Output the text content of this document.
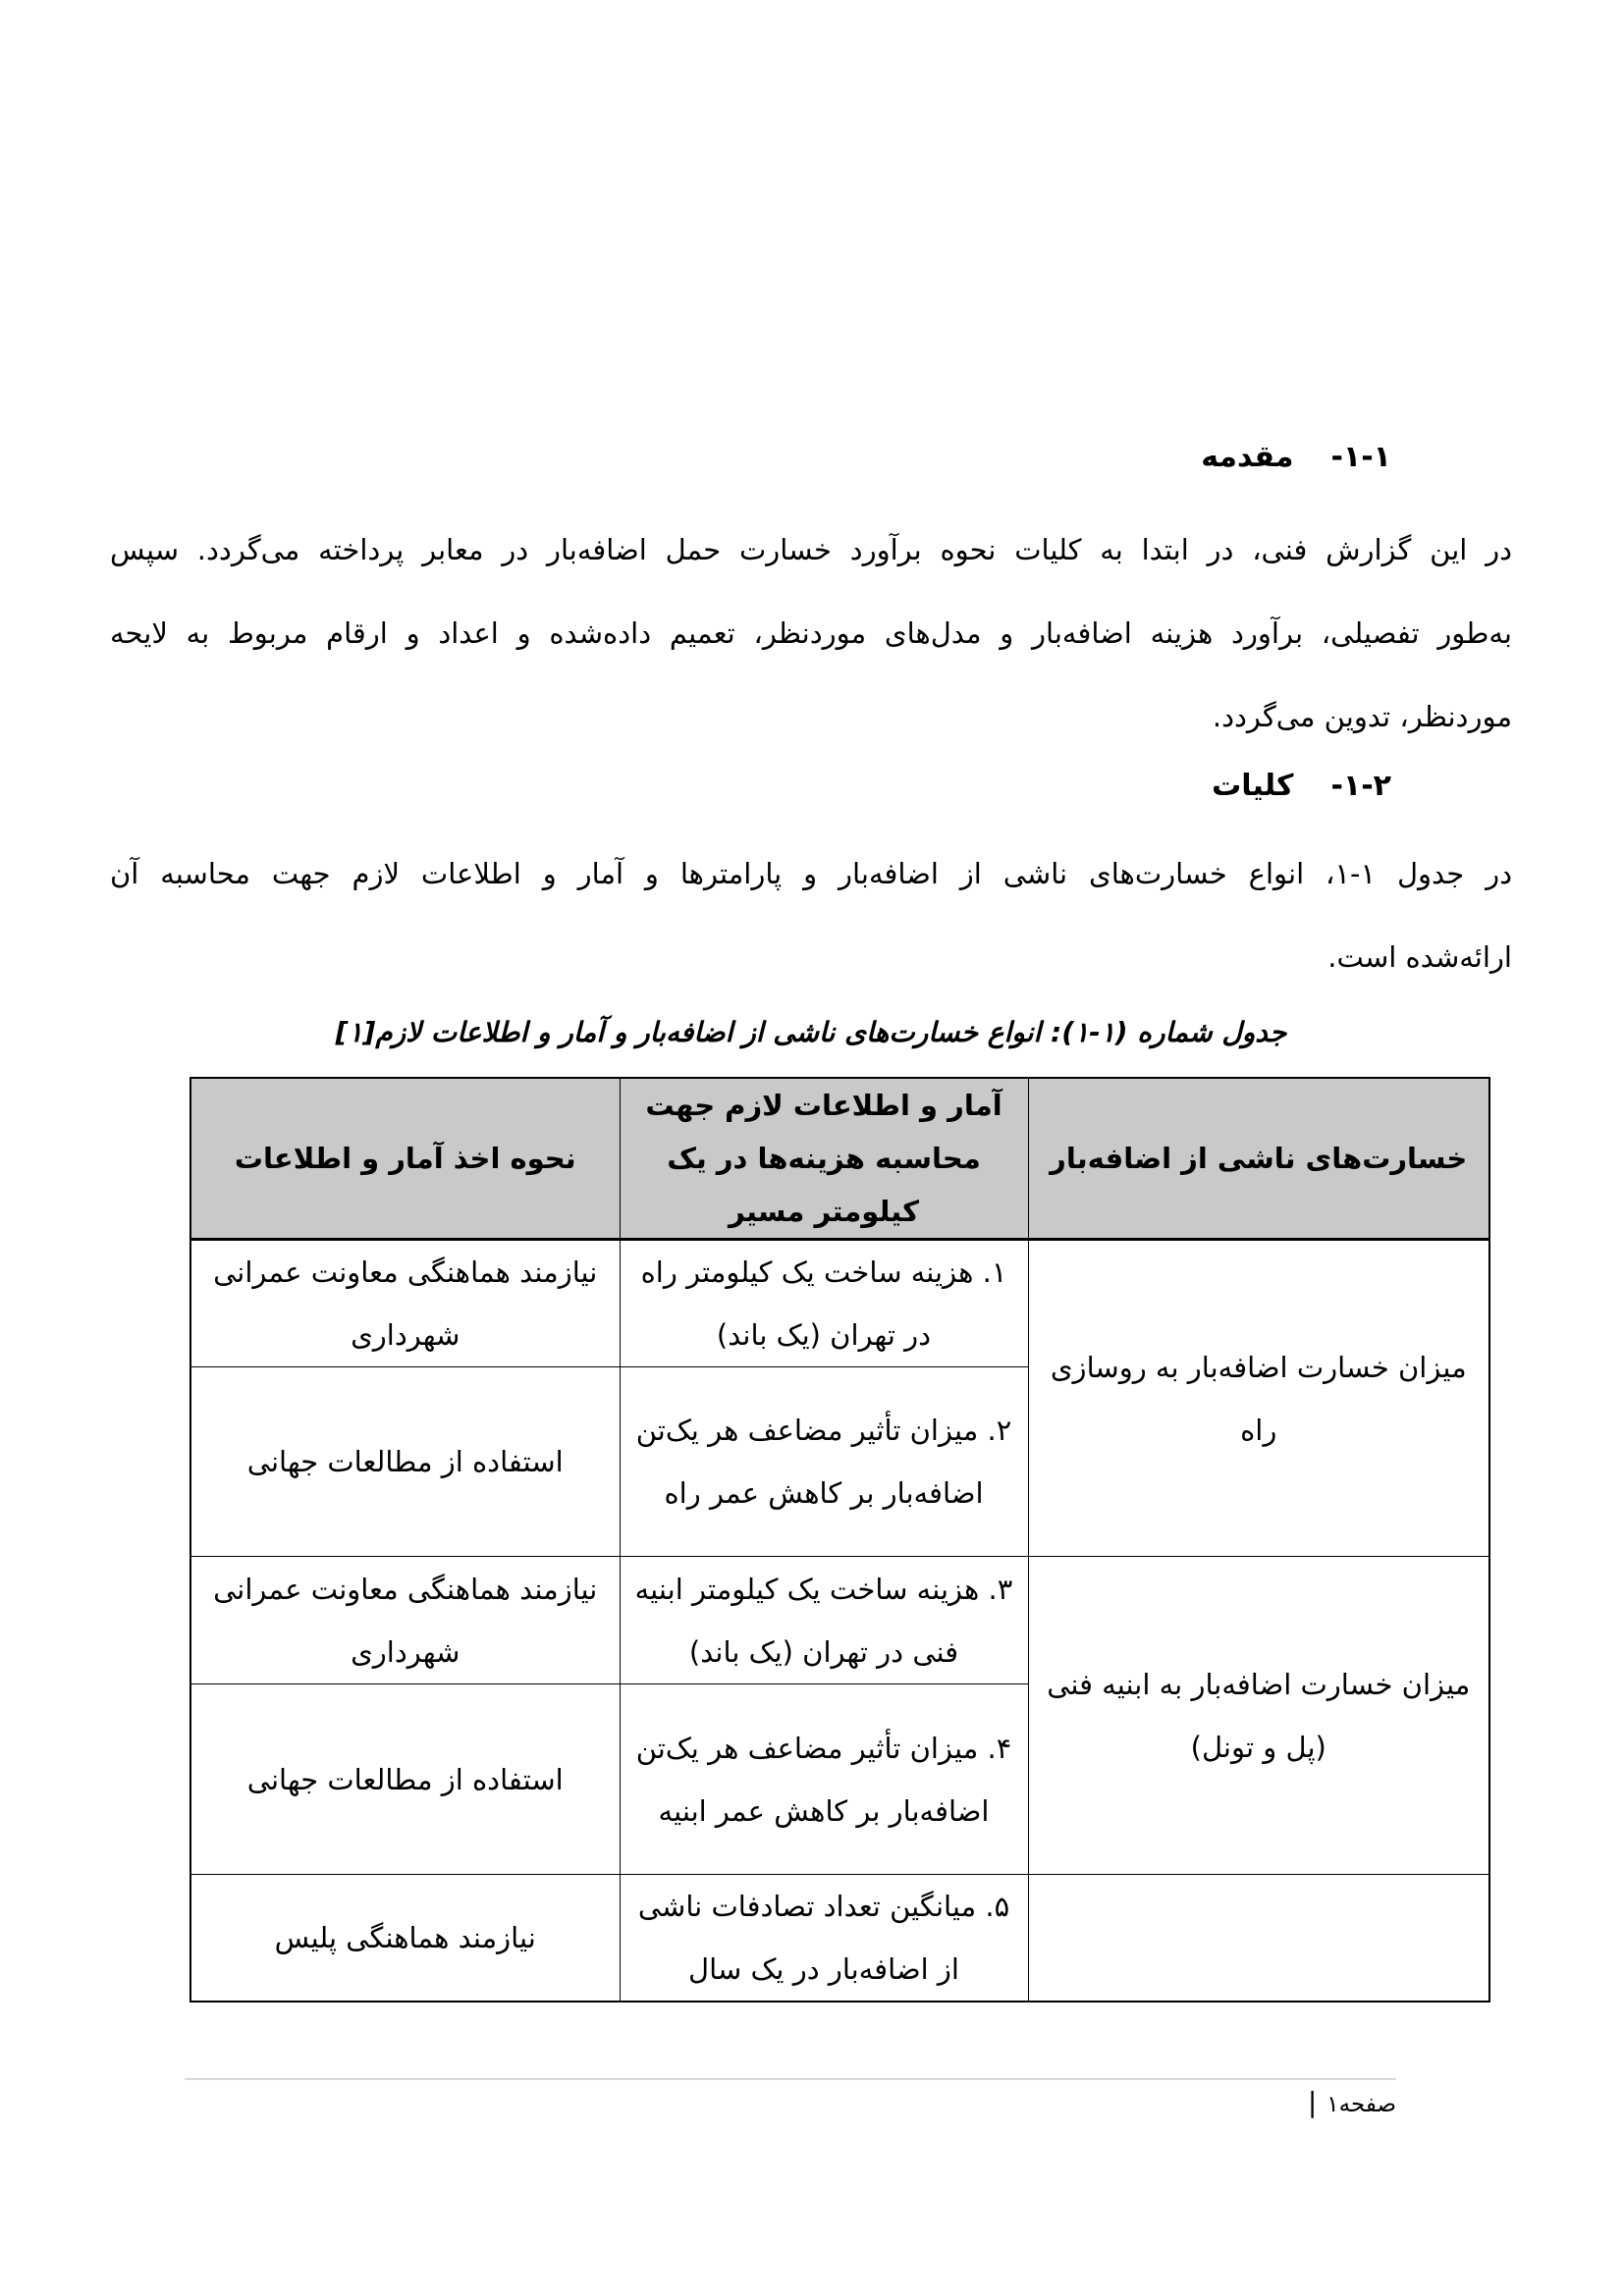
۱-۱-
مقدمه
در این گزارش فنی، در ابتدا به کلیات نحوه برآورد خسارت حمل اضافه‌بار در معابر پرداخته می‌گردد. سپس
به‌طور تفصیلی، برآورد هزینه اضافه‌بار و مدل‌های موردنظر، تعمیم داده‌شده و اعداد و ارقام مربوط به لایحه
موردنظر، تدوین می‌گردد.
۱-۲-
کلیات
در جدول ۱-۱، انواع خسارت‌های ناشی از اضافه‌بار و پارامترها و آمار و اطلاعات لازم جهت محاسبه آن
ارائه‌شده است.
جدول شماره (۱-۱): انواع خسارت‌های ناشی از اضافه‌بار و آمار و اطلاعات لازم[۱]
خسارت‌های ناشی از اضافه‌بار	آمار و اطلاعات لازم جهت محاسبه هزینه‌ها در یک کیلومتر مسیر	نحوه اخذ آمار و اطلاعات
میزان خسارت اضافه‌بار به روسازی راه	۱. هزینه ساخت یک کیلومتر راه در تهران (یک باند)	نیازمند هماهنگی معاونت عمرانی شهرداری
	۲. میزان تأثیر مضاعف هر یک‌تن اضافه‌بار بر کاهش عمر راه	استفاده از مطالعات جهانی
میزان خسارت اضافه‌بار به ابنیه فنی (پل و تونل)	۳. هزینه ساخت یک کیلومتر ابنیه فنی در تهران (یک باند)	نیازمند هماهنگی معاونت عمرانی شهرداری
	۴. میزان تأثیر مضاعف هر یک‌تن اضافه‌بار بر کاهش عمر ابنیه	استفاده از مطالعات جهانی
	۵. میانگین تعداد تصادفات ناشی از اضافه‌بار در یک سال	نیازمند هماهنگی پلیس
صفحه۱|
